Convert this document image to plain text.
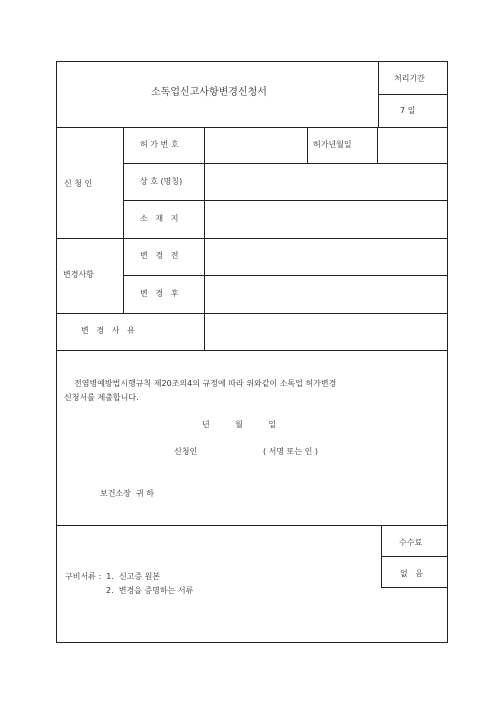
소독업신고사항변경신청서
처리기간
7 일
신 청 인
허 가 번 호	허가년월일
상 호 (명칭)
소   재   지
변경사항
변   경   전
변   경   후
변   경   사   유
전염병예방법시행규칙 제20조의4의 규정에 따라 위와같이 소독업 허가변경
신청서를 제출합니다.
년          월          일
신청인	( 서명 또는 인 )
보건소장  귀 하
수수료
없   음
구비서류 :  1.  신고증 원본
2.  변경을 증명하는 서류
